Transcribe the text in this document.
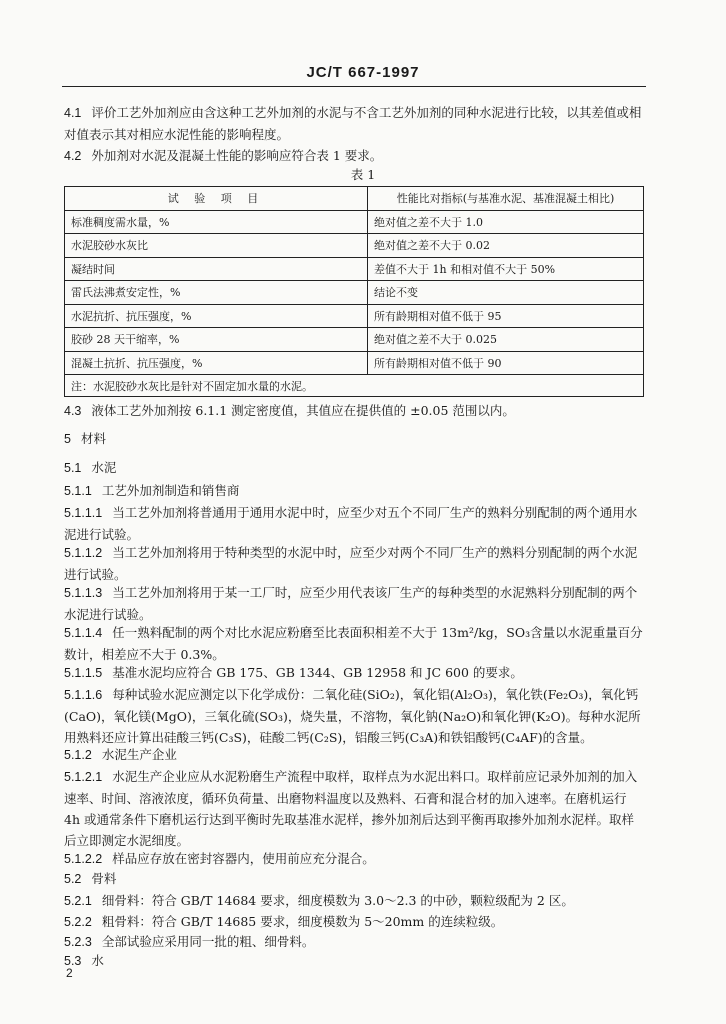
JC/T 667-1997

4.1 评价工艺外加剂应由含这种工艺外加剂的水泥与不含工艺外加剂的同种水泥进行比较，以其差值或相对值表示其对相应水泥性能的影响程度。

4.2 外加剂对水泥及混凝土性能的影响应符合表 1 要求。

表 1
试 验 项 目	性能比对指标(与基准水泥、基准混凝土相比)
标准稠度需水量，%	绝对值之差不大于 1.0
水泥胶砂水灰比	绝对值之差不大于 0.02
凝结时间	差值不大于 1h 和相对值不大于 50%
雷氏法沸煮安定性，%	结论不变
水泥抗折、抗压强度，%	所有龄期相对值不低于 95
胶砂 28 天干缩率，%	绝对值之差不大于 0.025
混凝土抗折、抗压强度，%	所有龄期相对值不低于 90
注：水泥胶砂水灰比是针对不固定加水量的水泥。	

4.3 液体工艺外加剂按 6.1.1 测定密度值，其值应在提供值的 ±0.05 范围以内。

5 材料

5.1 水泥

5.1.1 工艺外加剂制造和销售商

5.1.1.1 当工艺外加剂将普通用于通用水泥中时，应至少对五个不同厂生产的熟料分别配制的两个通用水泥进行试验。

5.1.1.2 当工艺外加剂将用于特种类型的水泥中时，应至少对两个不同厂生产的熟料分别配制的两个水泥进行试验。

5.1.1.3 当工艺外加剂将用于某一工厂时，应至少用代表该厂生产的每种类型的水泥熟料分别配制的两个水泥进行试验。

5.1.1.4 任一熟料配制的两个对比水泥应粉磨至比表面积相差不大于 13m²/kg，SO₃含量以水泥重量百分数计，相差应不大于 0.3%。

5.1.1.5 基准水泥均应符合 GB 175、GB 1344、GB 12958 和 JC 600 的要求。

5.1.1.6 每种试验水泥应测定以下化学成份：二氧化硅(SiO₂)，氧化铝(Al₂O₃)，氧化铁(Fe₂O₃)，氧化钙(CaO)，氧化镁(MgO)，三氧化硫(SO₃)，烧失量，不溶物，氧化钠(Na₂O)和氧化钾(K₂O)。每种水泥所用熟料还应计算出硅酸三钙(C₃S)，硅酸二钙(C₂S)，铝酸三钙(C₃A)和铁铝酸钙(C₄AF)的含量。

5.1.2 水泥生产企业

5.1.2.1 水泥生产企业应从水泥粉磨生产流程中取样，取样点为水泥出料口。取样前应记录外加剂的加入速率、时间、溶液浓度，循环负荷量、出磨物料温度以及熟料、石膏和混合材的加入速率。在磨机运行 4h 或通常条件下磨机运行达到平衡时先取基准水泥样，掺外加剂后达到平衡再取掺外加剂水泥样。取样后立即测定水泥细度。

5.1.2.2 样品应存放在密封容器内，使用前应充分混合。

5.2 骨料

5.2.1 细骨料：符合 GB/T 14684 要求，细度模数为 3.0～2.3 的中砂，颗粒级配为 2 区。

5.2.2 粗骨料：符合 GB/T 14685 要求，细度模数为 5～20mm 的连续粒级。

5.2.3 全部试验应采用同一批的粗、细骨料。

5.3 水

2
